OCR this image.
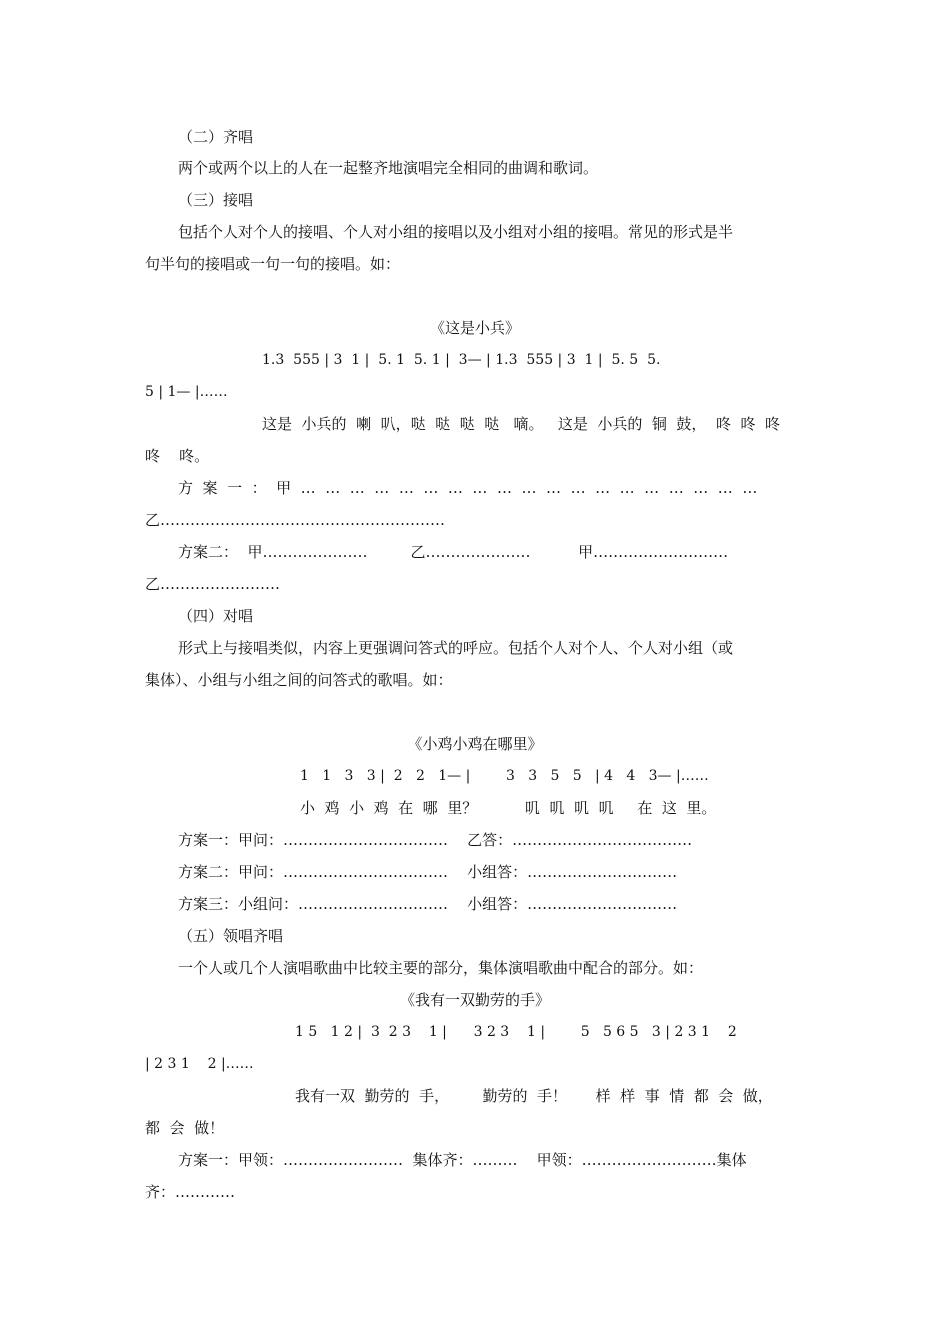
（二）齐唱
两个或两个以上的人在一起整齐地演唱完全相同的曲调和歌词。
（三）接唱
包括个人对个人的接唱、个人对小组的接唱以及小组对小组的接唱。常见的形式是半
句半句的接唱或一句一句的接唱。如：
《这是小兵》
1.3  555 | 3  1 |  5. 1  5. 1 |  3— | 1.3  555 | 3  1 |  5. 5  5.
5 | 1— |……
这是  小兵的  喇  叭，哒  哒  哒  哒   嘀。   这是  小兵的  铜  鼓，  咚  咚  咚
咚    咚。
方  案  一  ：  甲  …  …  …  …  …  …  …  …  …  …  …  …  …  …  …  …  …  …  …
乙…………………………………………………
方案二：  甲…………………         乙…………………          甲………………………
乙……………………
（四）对唱
形式上与接唱类似，内容上更强调问答式的呼应。包括个人对个人、个人对小组（或
集体）、小组与小组之间的问答式的歌唱。如：
《小鸡小鸡在哪里》
1   1   3   3 |  2   2   1— |        3   3   5   5   | 4   4   3— |……
小  鸡  小  鸡  在  哪  里？          叽  叽  叽  叽     在  这  里。
方案一：甲问：……………………………    乙答：………………………………
方案二：甲问：……………………………    小组答：…………………………
方案三：小组问：…………………………    小组答：…………………………
（五）领唱齐唱
一个人或几个人演唱歌曲中比较主要的部分，集体演唱歌曲中配合的部分。如：
《我有一双勤劳的手》
1 5   1 2 |  3  2 3    1 |      3 2 3    1 |        5   5 6 5   3 | 2 3 1    2
| 2 3 1    2 |……
我有一双  勤劳的  手，       勤劳的  手！      样  样  事  情  都  会  做，
都  会  做！
方案一：甲领：……………………  集体齐：………    甲领：………………………集体
齐：…………
